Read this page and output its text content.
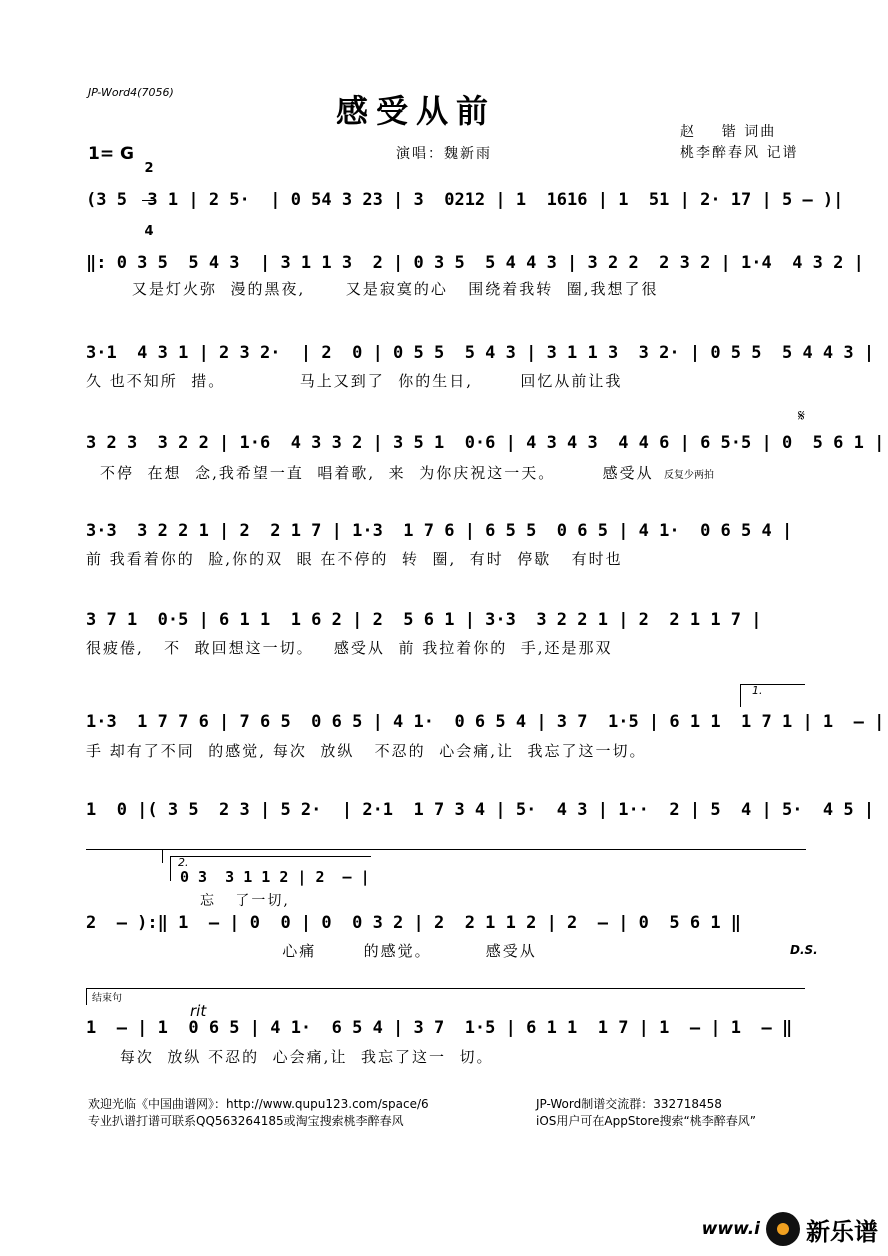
JP-Word4(7056)	感受从前
赵    锴 词曲
桃李醉春风 记谱
1= G

2

4

演唱：魏新雨
(3 5  3 1 | 2 5·  | 0 54 3 23 | 3  0212 | 1  1616 | 1  51 | 2· 17 | 5 – )|
‖: 0 3 5  5 4 3  | 3 1 1 3  2 | 0 3 5  5 4 4 3 | 3 2 2  2 3 2 | 1·4  4 3 2 |
又是灯火弥  漫的黑夜,      又是寂寞的心   围绕着我转  圈,我想了很
3·1  4 3 1 | 2 3 2·  | 2  0 | 0 5 5  5 4 3 | 3 1 1 3  3 2· | 0 5 5  5 4 4 3 |
久 也不知所  措。           马上又到了  你的生日,       回忆从前让我
𝄋
3 2 3  3 2 2 | 1·6  4 3 3 2 | 3 5 1  0·6 | 4 3 4 3  4 4 6 | 6 5·5 | 0  5 6 1 |
不停  在想  念,我希望一直  唱着歌,  来  为你庆祝这一天。       感受从 反复少两拍
3·3  3 2 2 1 | 2  2 1 7 | 1·3  1 7 6 | 6 5 5  0 6 5 | 4 1·  0 6 5 4 |
前 我看着你的  脸,你的双  眼 在不停的  转  圈,  有时  停歇   有时也
3 7 1  0·5 | 6 1 1  1 6 2 | 2  5 6 1 | 3·3  3 2 2 1 | 2  2 1 1 7 |
很疲倦,   不  敢回想这一切。   感受从  前 我拉着你的  手,还是那双
1.
1·3  1 7 7 6 | 7 6 5  0 6 5 | 4 1·  0 6 5 4 | 3 7  1·5 | 6 1 1  1 7 1 | 1  – |
手 却有了不同  的感觉, 每次  放纵   不忍的  心会痛,让  我忘了这一切。
1  0 |( 3 5  2 3 | 5 2·  | 2·1  1 7 3 4 | 5·  4 3 | 1··  2 | 5  4 | 5·  4 5 |
2.
0 3  3 1 1 2 | 2  – |
忘   了一切,
2  – ):‖ 1  – | 0  0 | 0  0 3 2 | 2  2 1 1 2 | 2  – | 0  5 6 1 ‖
心痛       的感觉。        感受从	D.S.
结束句
rit
1  – | 1  0 6 5 | 4 1·  6 5 4 | 3 7  1·5 | 6 1 1  1 7 | 1  – | 1  – ‖
每次  放纵 不忍的  心会痛,让  我忘了这一  切。
欢迎光临《中国曲谱网》：http://www.qupu123.com/space/6
专业扒谱打谱可联系QQ563264185或淘宝搜索桃李醉春风
JP-Word制谱交流群：332718458
iOS用户可在AppStore搜索“桃李醉春风”
www.i 新乐谱
